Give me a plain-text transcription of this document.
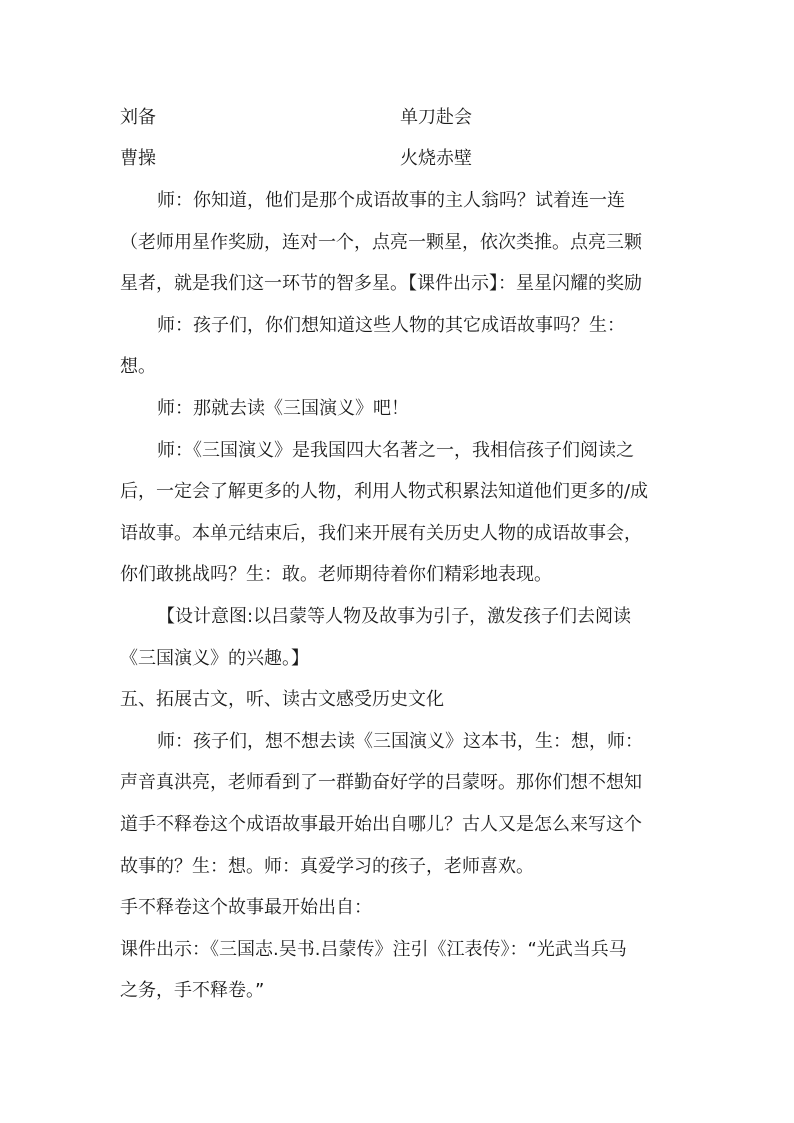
刘备	单刀赴会
曹操	火烧赤壁
师：你知道，他们是那个成语故事的主人翁吗？试着连一连
（老师用星作奖励，连对一个，点亮一颗星，依次类推。点亮三颗
星者，就是我们这一环节的智多星。【课件出示】：星星闪耀的奖励
师：孩子们，你们想知道这些人物的其它成语故事吗？生：
想。
师：那就去读《三国演义》吧！
师：《三国演义》是我国四大名著之一，我相信孩子们阅读之
后，一定会了解更多的人物，利用人物式积累法知道他们更多的/成
语故事。本单元结束后，我们来开展有关历史人物的成语故事会，
你们敢挑战吗？生：敢。老师期待着你们精彩地表现。
【设计意图:以吕蒙等人物及故事为引子，激发孩子们去阅读
《三国演义》的兴趣。】
五、拓展古文，听、读古文感受历史文化
师：孩子们，想不想去读《三国演义》这本书，生：想，师：
声音真洪亮，老师看到了一群勤奋好学的吕蒙呀。那你们想不想知
道手不释卷这个成语故事最开始出自哪儿？古人又是怎么来写这个
故事的？生：想。师：真爱学习的孩子，老师喜欢。
手不释卷这个故事最开始出自：
课件出示：《三国志.吴书.吕蒙传》注引《江表传》：“光武当兵马
之务，手不释卷。”
